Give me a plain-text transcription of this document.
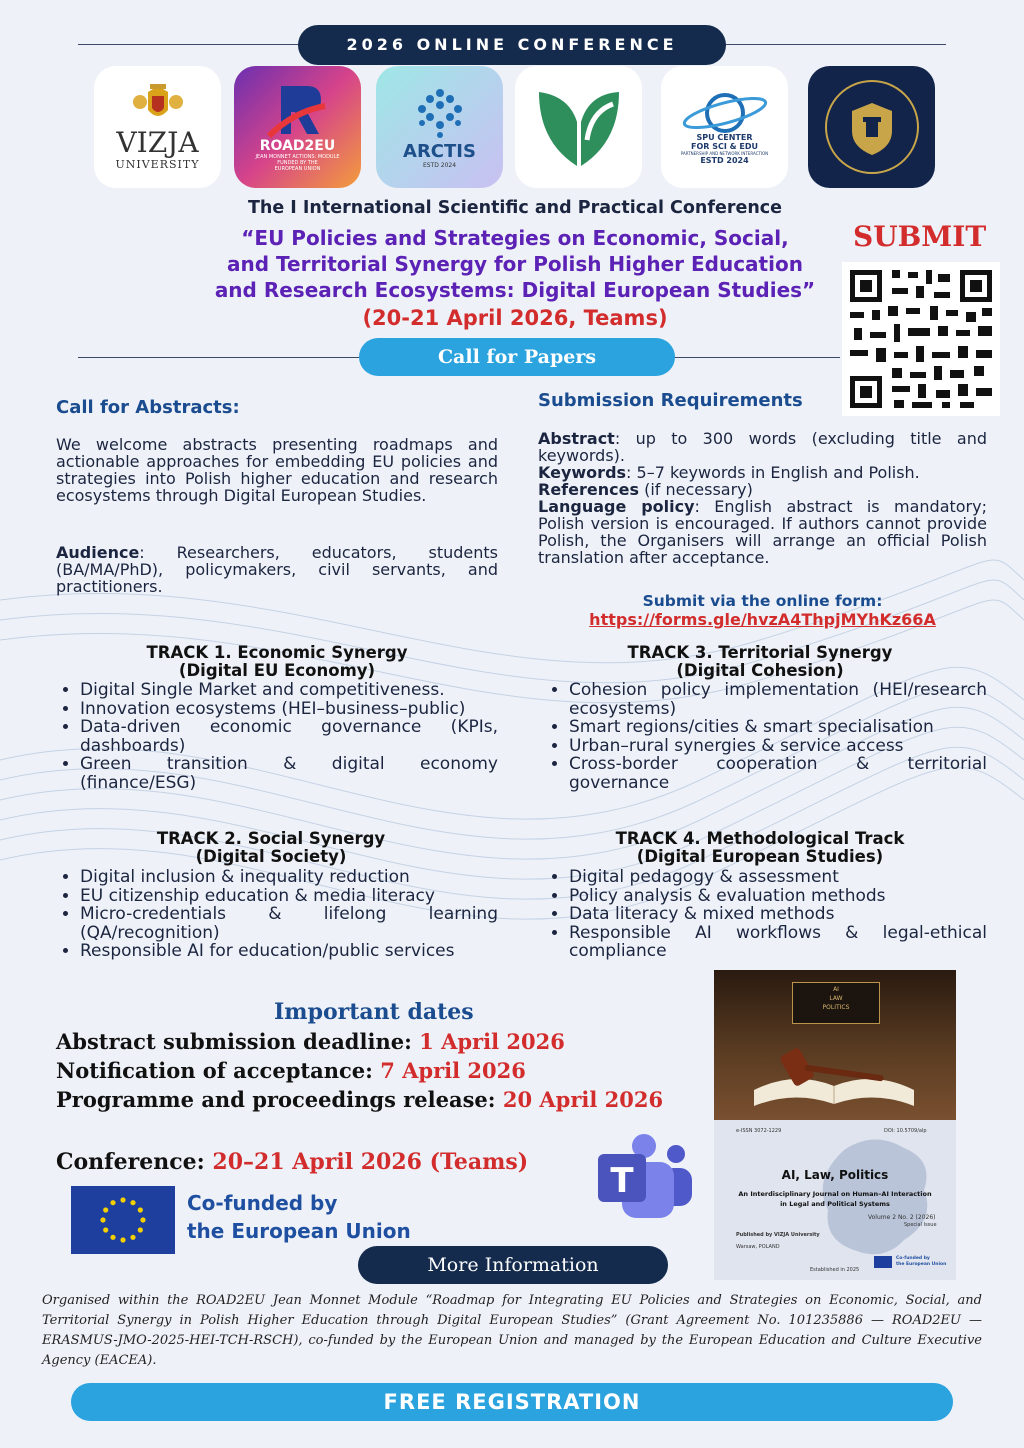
2026 ONLINE CONFERENCE
VIZJA
UNIVERSITY
ROAD2EU
JEAN MONNET ACTIONS: MODULE
FUNDED BY THE
EUROPEAN UNION
ARCTIS
ESTD 2024
SPU CENTER
FOR SCI & EDU
PARTNERSHIP AND NETWORK INTERACTION
ESTD 2024
The I International Scientific and Practical Conference
“EU Policies and Strategies on Economic, Social,
and Territorial Synergy for Polish Higher Education
and Research Ecosystems: Digital European Studies”
(20-21 April 2026, Teams)
SUBMIT
Call for Papers
Call for Abstracts:
We welcome abstracts presenting roadmaps and actionable approaches for embedding EU policies and strategies into Polish higher education and research ecosystems through Digital European Studies.
Audience: Researchers, educators, students (BA/MA/PhD), policymakers, civil servants, and practitioners.
Submission Requirements
Abstract: up to 300 words (excluding title and keywords).
Keywords: 5–7 keywords in English and Polish.
References (if necessary)
Language policy: English abstract is mandatory; Polish version is encouraged. If authors cannot provide Polish, the Organisers will arrange an official Polish translation after acceptance.
Submit via the online form:
https://forms.gle/hvzA4ThpjMYhKz66A
TRACK 1. Economic Synergy
(Digital EU Economy)
• Digital Single Market and competitiveness.
• Innovation ecosystems (HEI–business–public)
• Data-driven economic governance (KPIs, dashboards)
• Green transition & digital economy (finance/ESG)
TRACK 2. Social Synergy
(Digital Society)
• Digital inclusion & inequality reduction
• EU citizenship education & media literacy
• Micro-credentials & lifelong learning (QA/recognition)
• Responsible AI for education/public services
TRACK 3. Territorial Synergy
(Digital Cohesion)
• Cohesion policy implementation (HEI/research ecosystems)
• Smart regions/cities & smart specialisation
• Urban–rural synergies & service access
• Cross-border cooperation & territorial governance
TRACK 4. Methodological Track
(Digital European Studies)
• Digital pedagogy & assessment
• Policy analysis & evaluation methods
• Data literacy & mixed methods
• Responsible AI workflows & legal-ethical compliance
Important dates
Abstract submission deadline: 1 April 2026
Notification of acceptance: 7 April 2026
Programme and proceedings release: 20 April 2026
Conference: 20–21 April 2026 (Teams)
Co-funded by
the European Union
T
AI
LAW
POLITICS
e-ISSN 3072-1229	DOI: 10.5709/alp
AI, Law, Politics
An Interdisciplinary Journal on Human–AI Interaction
in Legal and Political Systems
Volume 2 No. 2 (2026)
Special Issue
Published by VIZJA University
Warsaw, POLAND
Established in 2025
Co-funded by
the European Union
More Information
Organised within the ROAD2EU Jean Monnet Module “Roadmap for Integrating EU Policies and Strategies on Economic, Social, and Territorial Synergy in Polish Higher Education through Digital European Studies” (Grant Agreement No. 101235886 — ROAD2EU — ERASMUS-JMO-2025-HEI-TCH-RSCH), co-funded by the European Union and managed by the European Education and Culture Executive Agency (EACEA).
FREE REGISTRATION
